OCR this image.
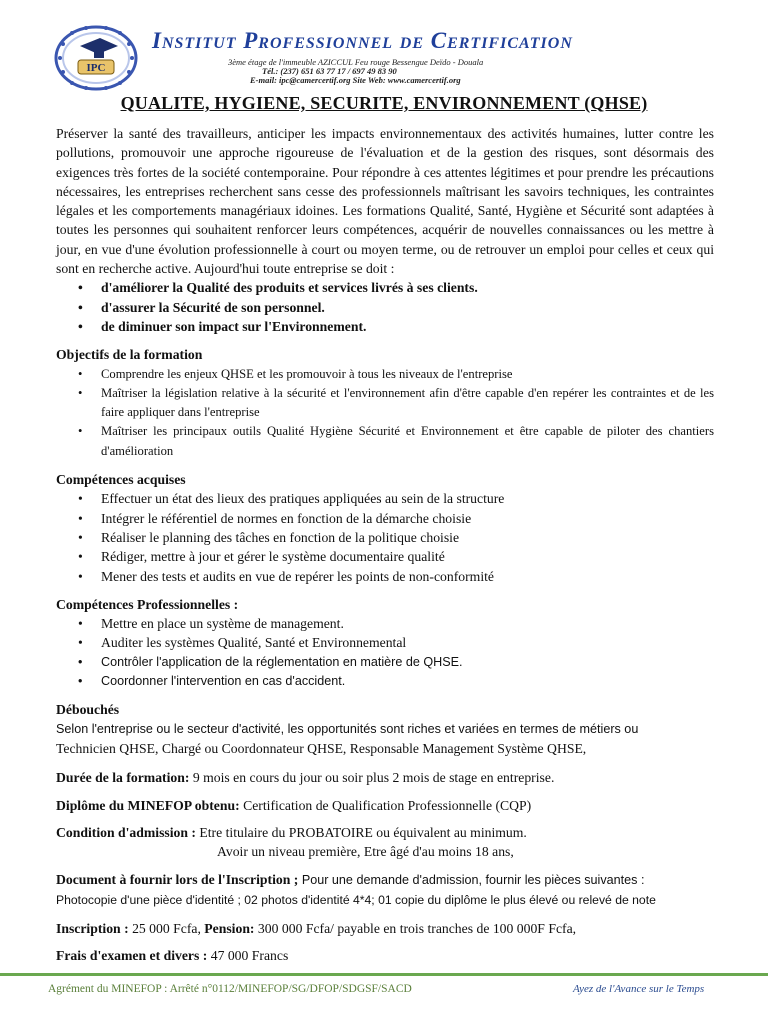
IPC
Institut Professionnel de Certification
3ème étage de l'immeuble AZICCUL Feu rouge Bessengue Deïdo - Douala
Tél.: (237) 651 63 77 17 / 697 49 83 90
E-mail: ipc@camercertif.org Site Web: www.camercertif.org
QUALITE, HYGIENE, SECURITE, ENVIRONNEMENT (QHSE)

Préserver la santé des travailleurs, anticiper les impacts environnementaux des activités humaines, lutter contre les pollutions, promouvoir une approche rigoureuse de l'évaluation et de la gestion des risques, sont désormais des exigences très fortes de la société contemporaine. Pour répondre à ces attentes légitimes et pour prendre les précautions nécessaires, les entreprises recherchent sans cesse des professionnels maîtrisant les savoirs techniques, les contraintes légales et les comportements managériaux idoines. Les formations Qualité, Santé, Hygiène et Sécurité sont adaptées à toutes les personnes qui souhaitent renforcer leurs compétences, acquérir de nouvelles connaissances ou les mettre à jour, en vue d'une évolution professionnelle à court ou moyen terme, ou de retrouver un emploi pour celles et ceux qui sont en recherche active. Aujourd'hui toute entreprise se doit :

• d'améliorer la Qualité des produits et services livrés à ses clients.
• d'assurer la Sécurité de son personnel.
• de diminuer son impact sur l'Environnement.
Objectifs de la formation
• Comprendre les enjeux QHSE et les promouvoir à tous les niveaux de l'entreprise
• Maîtriser la législation relative à la sécurité et l'environnement afin d'être capable d'en repérer les contraintes et de les faire appliquer dans l'entreprise
• Maîtriser les principaux outils Qualité Hygiène Sécurité et Environnement et être capable de piloter des chantiers d'amélioration
Compétences acquises
• Effectuer un état des lieux des pratiques appliquées au sein de la structure
• Intégrer le référentiel de normes en fonction de la démarche choisie
• Réaliser le planning des tâches en fonction de la politique choisie
• Rédiger, mettre à jour et gérer le système documentaire qualité
• Mener des tests et audits en vue de repérer les points de non-conformité
Compétences Professionnelles :
• Mettre en place un système de management.
• Auditer les systèmes Qualité, Santé et Environnemental
• Contrôler l'application de la réglementation en matière de QHSE.
• Coordonner l'intervention en cas d'accident.
Débouchés

Selon l'entreprise ou le secteur d'activité, les opportunités sont riches et variées en termes de métiers ou

Technicien QHSE, Chargé ou Coordonnateur QHSE, Responsable Management Système QHSE,

Durée de la formation: 9 mois en cours du jour ou soir plus 2 mois de stage en entreprise.

Diplôme du MINEFOP obtenu: Certification de Qualification Professionnelle (CQP)

Condition d'admission : Etre titulaire du PROBATOIRE ou équivalent au minimum.

Avoir un niveau première, Etre âgé d'au moins 18 ans,

Document à fournir lors de l'Inscription ; Pour une demande d'admission, fournir les pièces suivantes :

Photocopie d'une pièce d'identité ; 02 photos d'identité 4*4; 01 copie du diplôme le plus élevé ou relevé de note

Inscription : 25 000 Fcfa, Pension: 300 000 Fcfa/ payable en trois tranches de 100 000F Fcfa,

Frais d'examen et divers : 47 000 Francs

Agrément du MINEFOP : Arrêté n°0112/MINEFOP/SG/DFOP/SDGSF/SACD	Ayez de l'Avance sur le Temps
